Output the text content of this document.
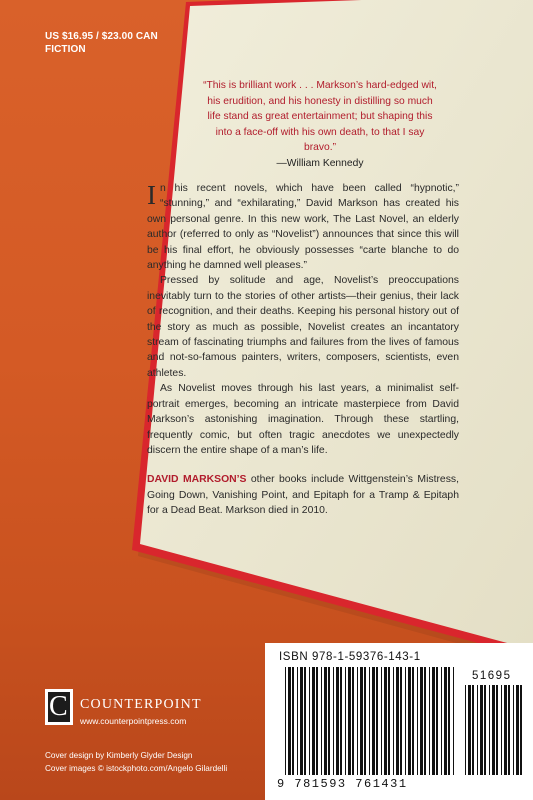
US $16.95 / $23.00 CAN
FICTION
“This is brilliant work . . . Markson’s hard-edged wit, his erudition, and his honesty in distilling so much life stand as great entertainment; but shaping this into a face-off with his own death, to that I say bravo.”
—William Kennedy

In his recent novels, which have been called “hypnotic,” “stunning,” and “exhilarating,” David Markson has created his own personal genre. In this new work, The Last Novel, an elderly author (referred to only as “Novelist”) announces that since this will be his final effort, he obviously possesses “carte blanche to do anything he damned well pleases.”

Pressed by solitude and age, Novelist’s preoccupations inevitably turn to the stories of other artists—their genius, their lack of recognition, and their deaths. Keeping his personal history out of the story as much as possible, Novelist creates an incantatory stream of fascinating triumphs and failures from the lives of famous and not-so-famous painters, writers, composers, scientists, even athletes.

As Novelist moves through his last years, a minimalist self-portrait emerges, becoming an intricate masterpiece from David Markson’s astonishing imagination. Through these startling, frequently comic, but often tragic anecdotes we unexpectedly discern the entire shape of a man’s life.

DAVID MARKSON’S other books include Wittgenstein’s Mistress, Going Down, Vanishing Point, and Epitaph for a Tramp & Epitaph for a Dead Beat. Markson died in 2010.

C COUNTERPOINT
www.counterpointpress.com
Cover design by Kimberly Glyder Design
Cover images © istockphoto.com/Angelo Gilardelli
ISBN 978-1-59376-143-1
51695
9 781593 761431
